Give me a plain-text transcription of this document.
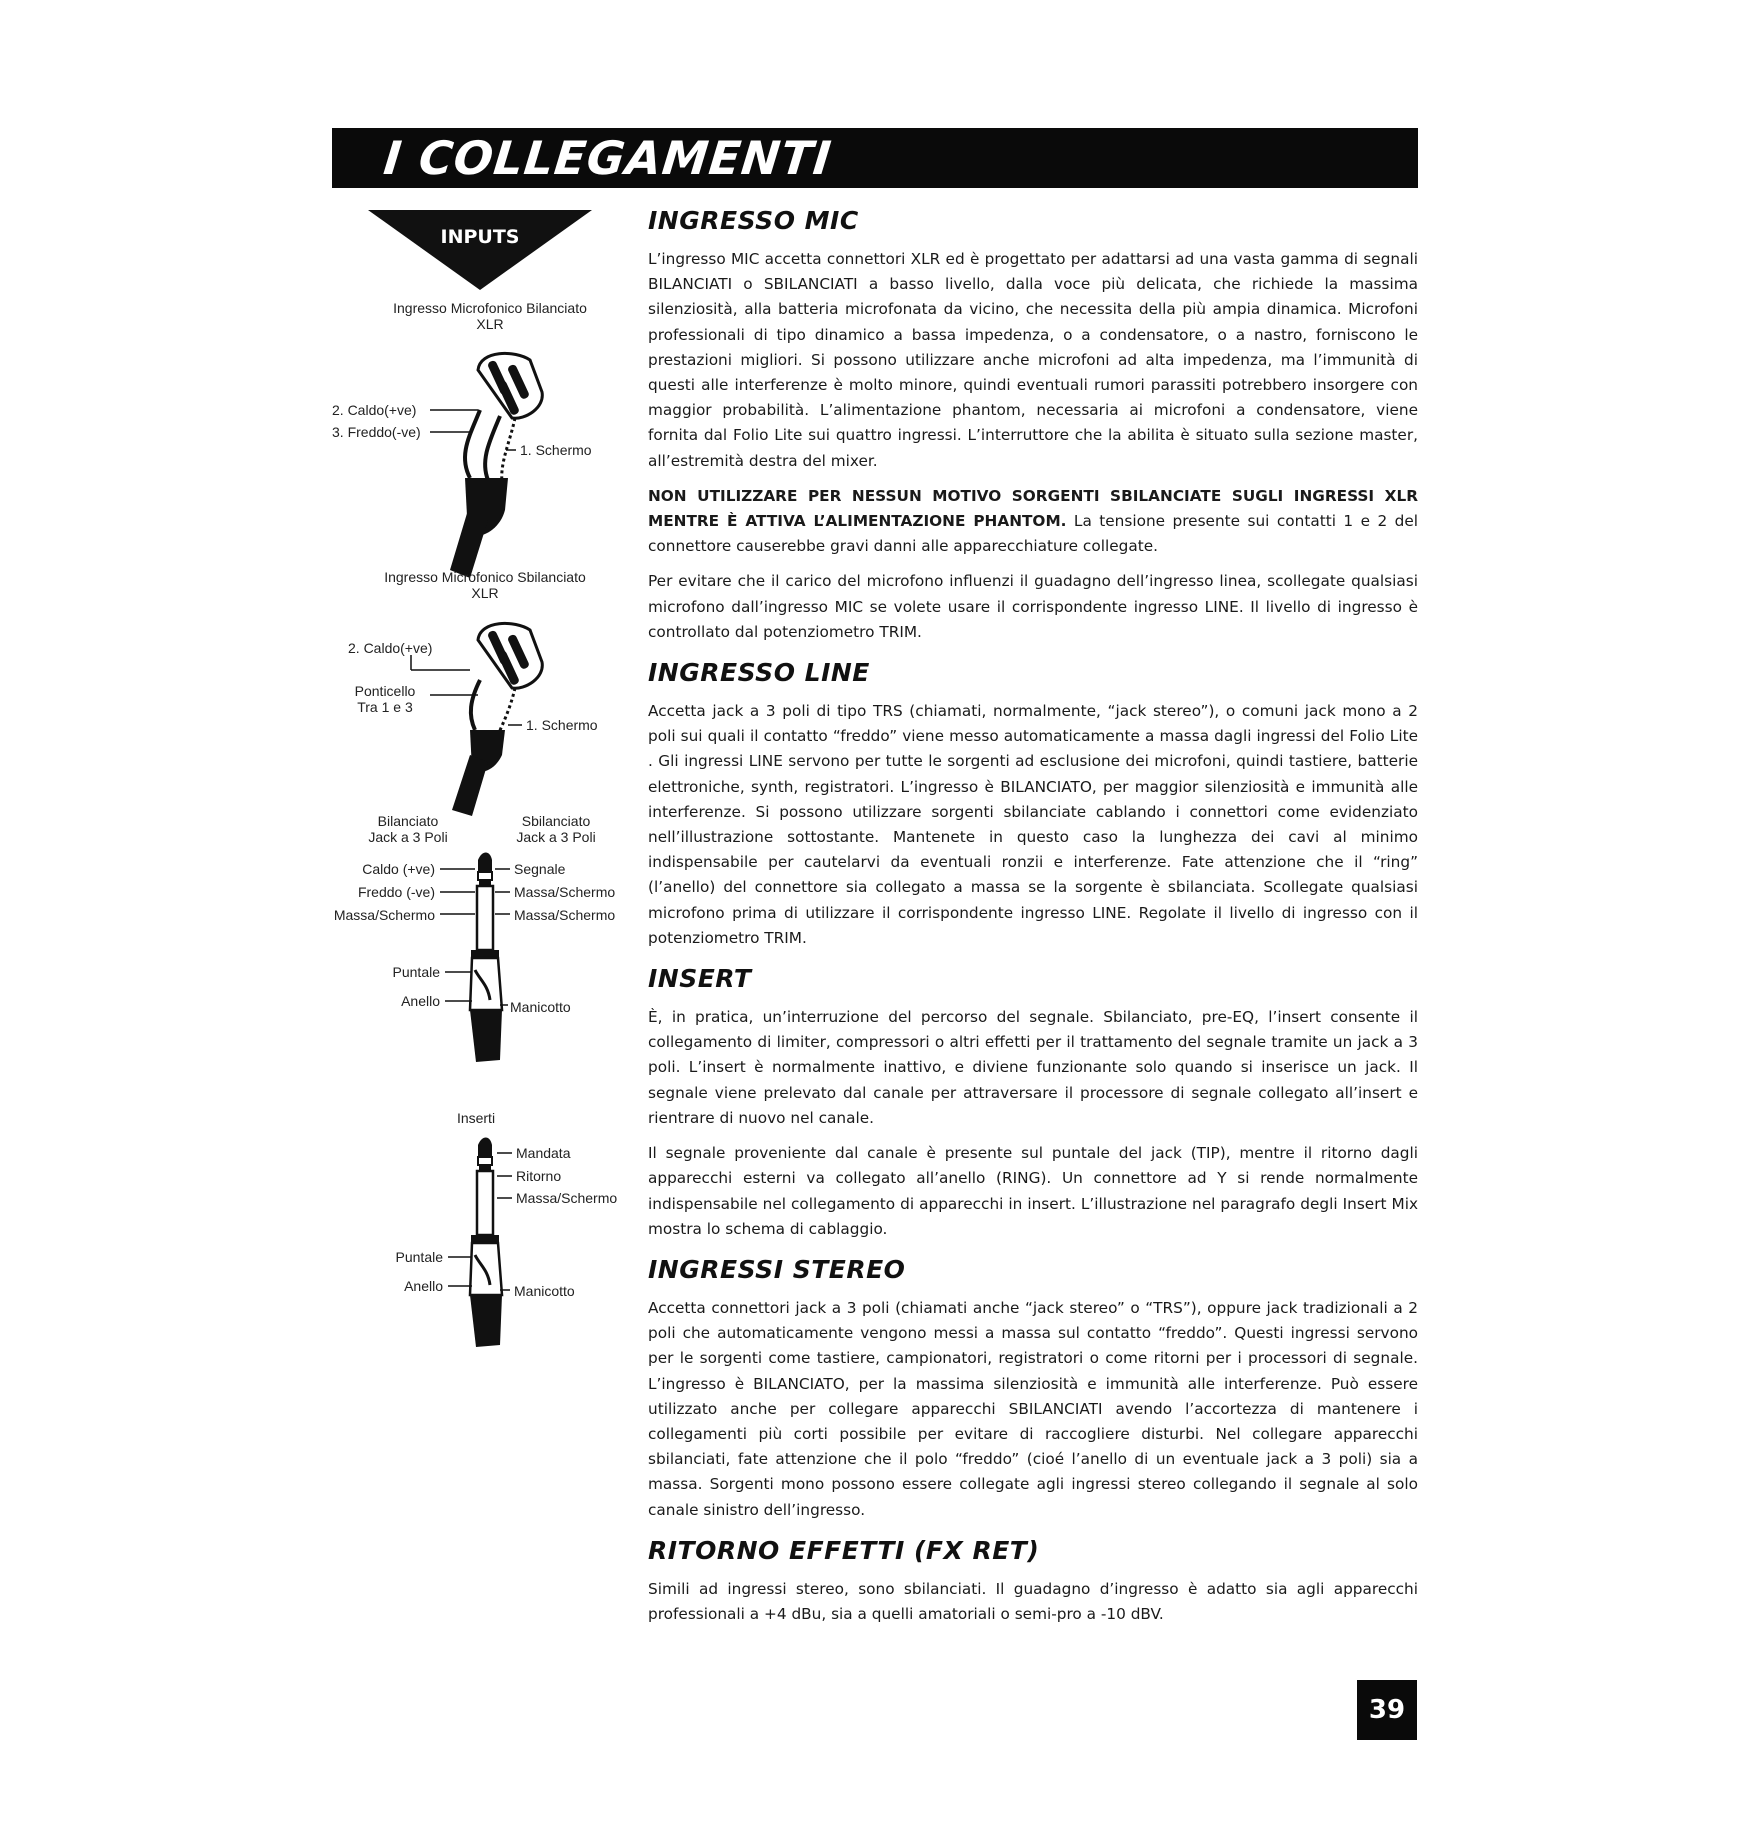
I COLLEGAMENTI
INPUTS
Ingresso Microfonico Bilanciato
XLR
2. Caldo(+ve)
3. Freddo(-ve)
1. Schermo
Ingresso Microfonico Sbilanciato
XLR
2. Caldo(+ve)
Ponticello
Tra 1 e 3
1. Schermo
Bilanciato
Jack a 3 Poli
Sbilanciato
Jack a 3 Poli
Caldo (+ve)
Freddo (-ve)
Massa/Schermo
Segnale
Massa/Schermo
Massa/Schermo
Puntale
Anello	Manicotto
Inserti
Mandata
Ritorno
Massa/Schermo
Puntale
Anello	Manicotto
INGRESSO MIC

L’ingresso MIC accetta connettori XLR ed è progettato per adattarsi ad una vasta gamma di segnali BILANCIATI o SBILANCIATI a basso livello, dalla voce più delicata, che richiede la massima silenziosità, alla batteria microfonata da vicino, che necessita della più ampia dinamica. Microfoni professionali di tipo dinamico a bassa impedenza, o a condensatore, o a nastro, forniscono le prestazioni migliori. Si possono utilizzare anche microfoni ad alta impedenza, ma l’immunità di questi alle interferenze è molto minore, quindi eventuali rumori parassiti potrebbero insorgere con maggior probabilità. L’alimentazione phantom, necessaria ai microfoni a condensatore, viene fornita dal Folio Lite sui quattro ingressi. L’interruttore che la abilita è situato sulla sezione master, all’estremità destra del mixer.

NON UTILIZZARE PER NESSUN MOTIVO SORGENTI SBILANCIATE SUGLI INGRESSI XLR MENTRE È ATTIVA L’ALIMENTAZIONE PHANTOM. La tensione presente sui contatti 1 e 2 del connettore causerebbe gravi danni alle apparecchiature collegate.

Per evitare che il carico del microfono influenzi il guadagno dell’ingresso linea, scollegate qualsiasi microfono dall’ingresso MIC se volete usare il corrispondente ingresso LINE. Il livello di ingresso è controllato dal potenziometro TRIM.

INGRESSO LINE

Accetta jack a 3 poli di tipo TRS (chiamati, normalmente, “jack stereo”), o comuni jack mono a 2 poli sui quali il contatto “freddo” viene messo automaticamente a massa dagli ingressi del Folio Lite . Gli ingressi LINE servono per tutte le sorgenti ad esclusione dei microfoni, quindi tastiere, batterie elettroniche, synth, registratori. L’ingresso è BILANCIATO, per maggior silenziosità e immunità alle interferenze. Si possono utilizzare sorgenti sbilanciate cablando i connettori come evidenziato nell’illustrazione sottostante. Mantenete in questo caso la lunghezza dei cavi al minimo indispensabile per cautelarvi da eventuali ronzii e interferenze. Fate attenzione che il “ring” (l’anello) del connettore sia collegato a massa se la sorgente è sbilanciata. Scollegate qualsiasi microfono prima di utilizzare il corrispondente ingresso LINE. Regolate il livello di ingresso con il potenziometro TRIM.

INSERT

È, in pratica, un’interruzione del percorso del segnale. Sbilanciato, pre-EQ, l’insert consente il collegamento di limiter, compressori o altri effetti per il trattamento del segnale tramite un jack a 3 poli. L’insert è normalmente inattivo, e diviene funzionante solo quando si inserisce un jack. Il segnale viene prelevato dal canale per attraversare il processore di segnale collegato all’insert e rientrare di nuovo nel canale.

Il segnale proveniente dal canale è presente sul puntale del jack (TIP), mentre il ritorno dagli apparecchi esterni va collegato all’anello (RING). Un connettore ad Y si rende normalmente indispensabile nel collegamento di apparecchi in insert. L’illustrazione nel paragrafo degli Insert Mix mostra lo schema di cablaggio.

INGRESSI STEREO

Accetta connettori jack a 3 poli (chiamati anche “jack stereo” o “TRS”), oppure jack tradizionali a 2 poli che automaticamente vengono messi a massa sul contatto “freddo”. Questi ingressi servono per le sorgenti come tastiere, campionatori, registratori o come ritorni per i processori di segnale. L’ingresso è BILANCIATO, per la massima silenziosità e immunità alle interferenze. Può essere utilizzato anche per collegare apparecchi SBILANCIATI avendo l’accortezza di mantenere i collegamenti più corti possibile per evitare di raccogliere disturbi. Nel collegare apparecchi sbilanciati, fate attenzione che il polo “freddo” (cioé l’anello di un eventuale jack a 3 poli) sia a massa. Sorgenti mono possono essere collegate agli ingressi stereo collegando il segnale al solo canale sinistro dell’ingresso.

RITORNO EFFETTI (FX RET)

Simili ad ingressi stereo, sono sbilanciati. Il guadagno d’ingresso è adatto sia agli apparecchi professionali a +4 dBu, sia a quelli amatoriali o semi-pro a -10 dBV.

39
